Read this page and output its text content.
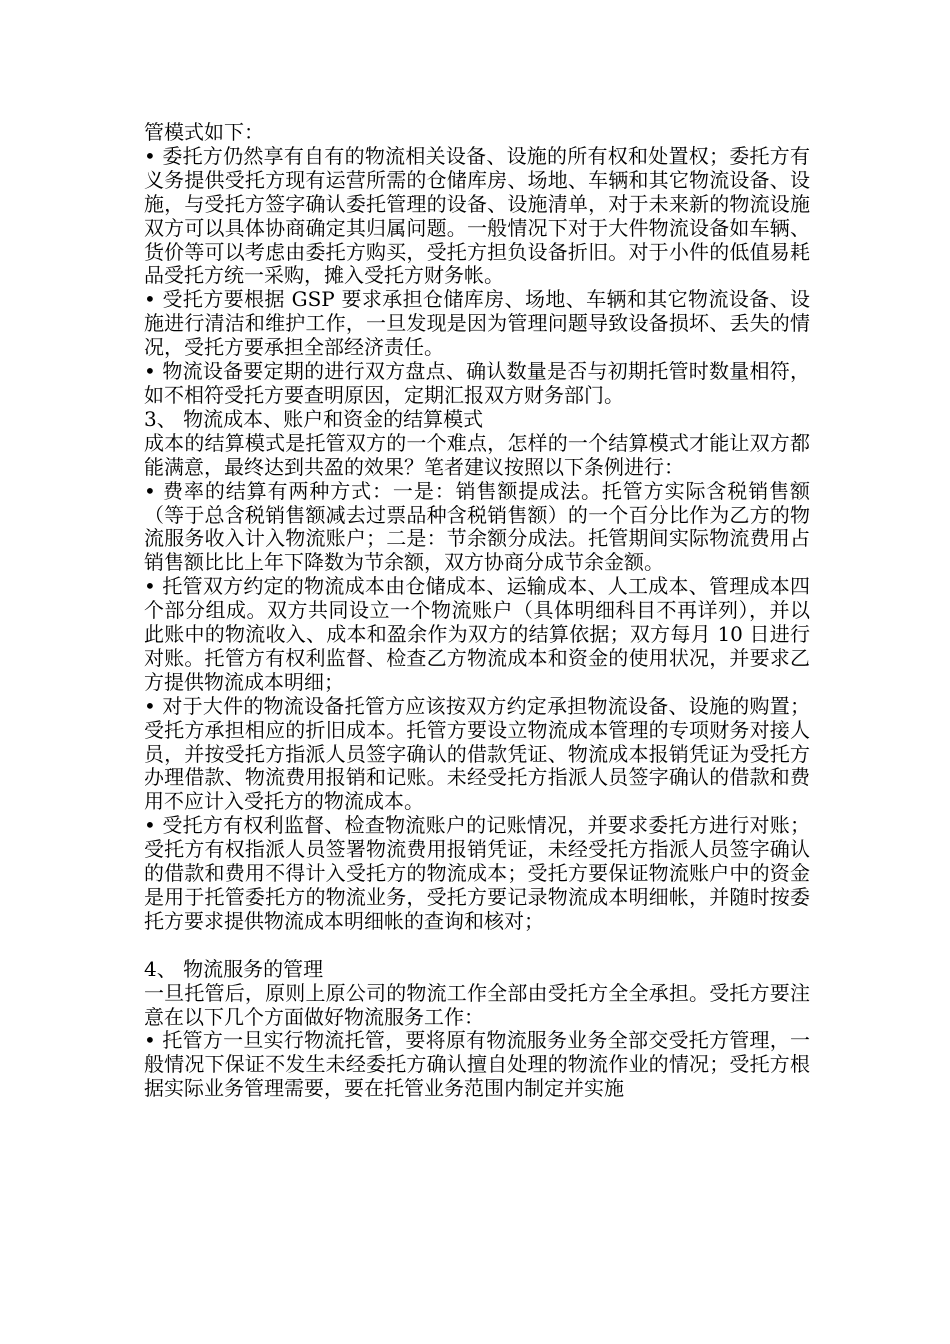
管模式如下：

• 委托方仍然享有自有的物流相关设备、设施的所有权和处置权；委托方有义务提供受托方现有运营所需的仓储库房、场地、车辆和其它物流设备、设施，与受托方签字确认委托管理的设备、设施清单，对于未来新的物流设施双方可以具体协商确定其归属问题。一般情况下对于大件物流设备如车辆、货价等可以考虑由委托方购买，受托方担负设备折旧。对于小件的低值易耗品受托方统一采购，摊入受托方财务帐。

• 受托方要根据 GSP 要求承担仓储库房、场地、车辆和其它物流设备、设施进行清洁和维护工作，一旦发现是因为管理问题导致设备损坏、丢失的情况，受托方要承担全部经济责任。

• 物流设备要定期的进行双方盘点、确认数量是否与初期托管时数量相符，如不相符受托方要查明原因，定期汇报双方财务部门。

3、 物流成本、账户和资金的结算模式

成本的结算模式是托管双方的一个难点，怎样的一个结算模式才能让双方都能满意，最终达到共盈的效果？笔者建议按照以下条例进行：

• 费率的结算有两种方式：一是：销售额提成法。托管方实际含税销售额（等于总含税销售额减去过票品种含税销售额）的一个百分比作为乙方的物流服务收入计入物流账户；二是：节余额分成法。托管期间实际物流费用占销售额比比上年下降数为节余额，双方协商分成节余金额。

• 托管双方约定的物流成本由仓储成本、运输成本、人工成本、管理成本四个部分组成。双方共同设立一个物流账户（具体明细科目不再详列），并以此账中的物流收入、成本和盈余作为双方的结算依据；双方每月 10 日进行对账。托管方有权利监督、检查乙方物流成本和资金的使用状况，并要求乙方提供物流成本明细；

• 对于大件的物流设备托管方应该按双方约定承担物流设备、设施的购置；受托方承担相应的折旧成本。托管方要设立物流成本管理的专项财务对接人员，并按受托方指派人员签字确认的借款凭证、物流成本报销凭证为受托方办理借款、物流费用报销和记账。未经受托方指派人员签字确认的借款和费用不应计入受托方的物流成本。

• 受托方有权利监督、检查物流账户的记账情况，并要求委托方进行对账；受托方有权指派人员签署物流费用报销凭证，未经受托方指派人员签字确认的借款和费用不得计入受托方的物流成本；受托方要保证物流账户中的资金是用于托管委托方的物流业务，受托方要记录物流成本明细帐，并随时按委托方要求提供物流成本明细帐的查询和核对；

4、 物流服务的管理

一旦托管后，原则上原公司的物流工作全部由受托方全全承担。受托方要注意在以下几个方面做好物流服务工作：

• 托管方一旦实行物流托管，要将原有物流服务业务全部交受托方管理，一般情况下保证不发生未经委托方确认擅自处理的物流作业的情况；受托方根据实际业务管理需要，要在托管业务范围内制定并实施
